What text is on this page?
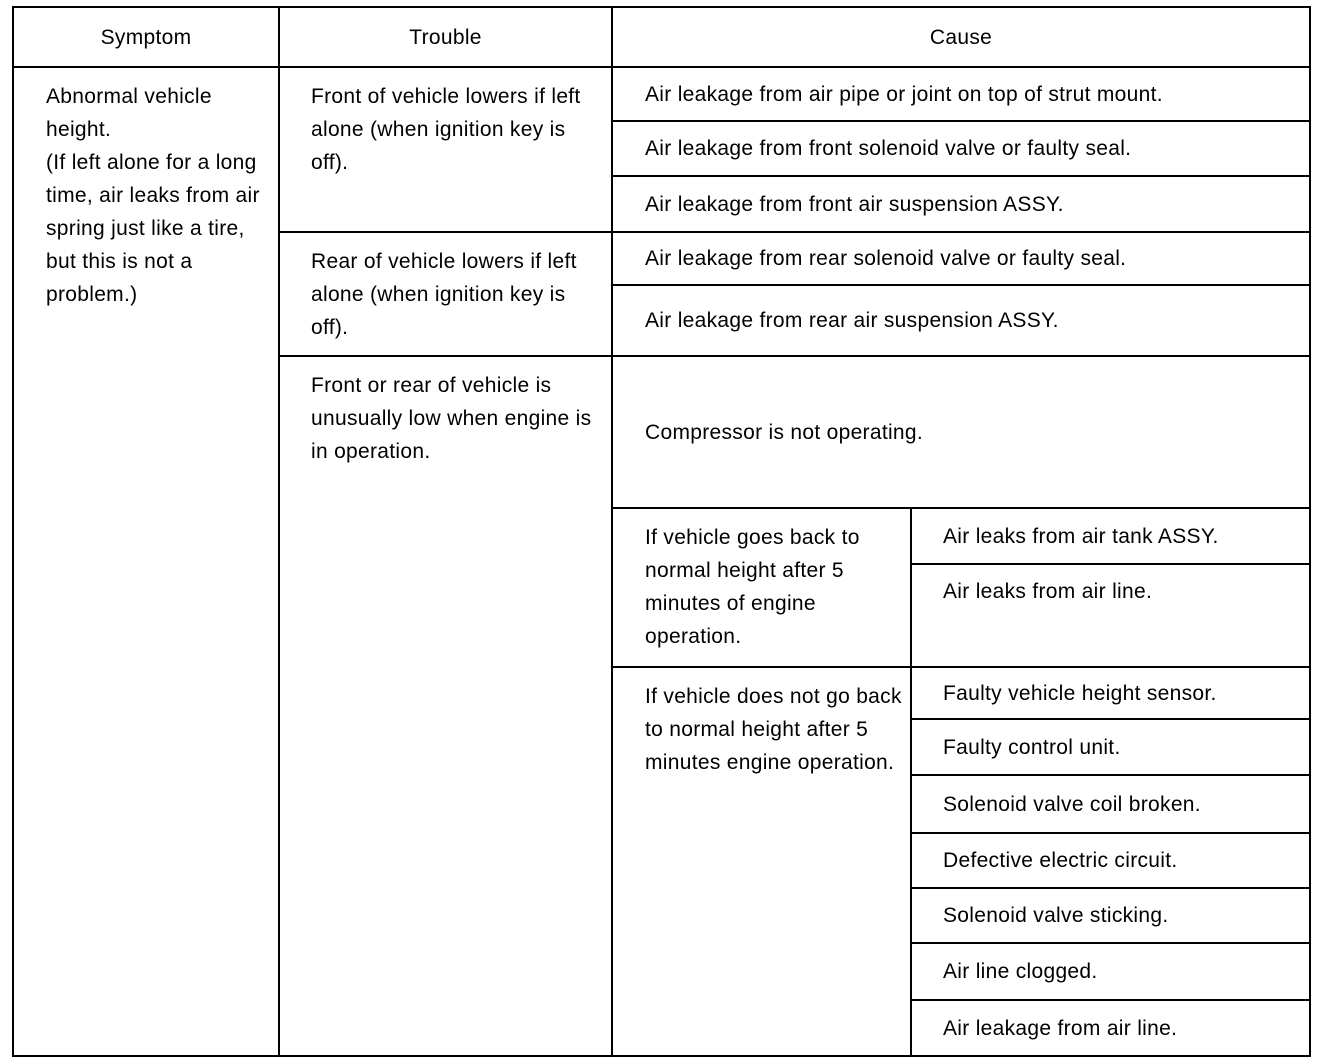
Symptom	Trouble	Cause	
Abnormal vehicle height.
(If left alone for a long time, air leaks from air spring just like a tire, but this is not a problem.)	Front of vehicle lowers if left alone (when ignition key is off).	Air leakage from air pipe or joint on top of strut mount.	
		Air leakage from front solenoid valve or faulty seal.	
		Air leakage from front air suspension ASSY.	
	Rear of vehicle lowers if left alone (when ignition key is off).	Air leakage from rear solenoid valve or faulty seal.	
		Air leakage from rear air suspension ASSY.	
	Front or rear of vehicle is unusually low when engine is in operation.	Compressor is not operating.	
		If vehicle goes back to normal height after 5 minutes of engine operation.	Air leaks from air tank ASSY.
			Air leaks from air line.
		If vehicle does not go back to normal height after 5 minutes engine operation.	Faulty vehicle height sensor.
			Faulty control unit.
			Solenoid valve coil broken.
			Defective electric circuit.
			Solenoid valve sticking.
			Air line clogged.
			Air leakage from air line.
